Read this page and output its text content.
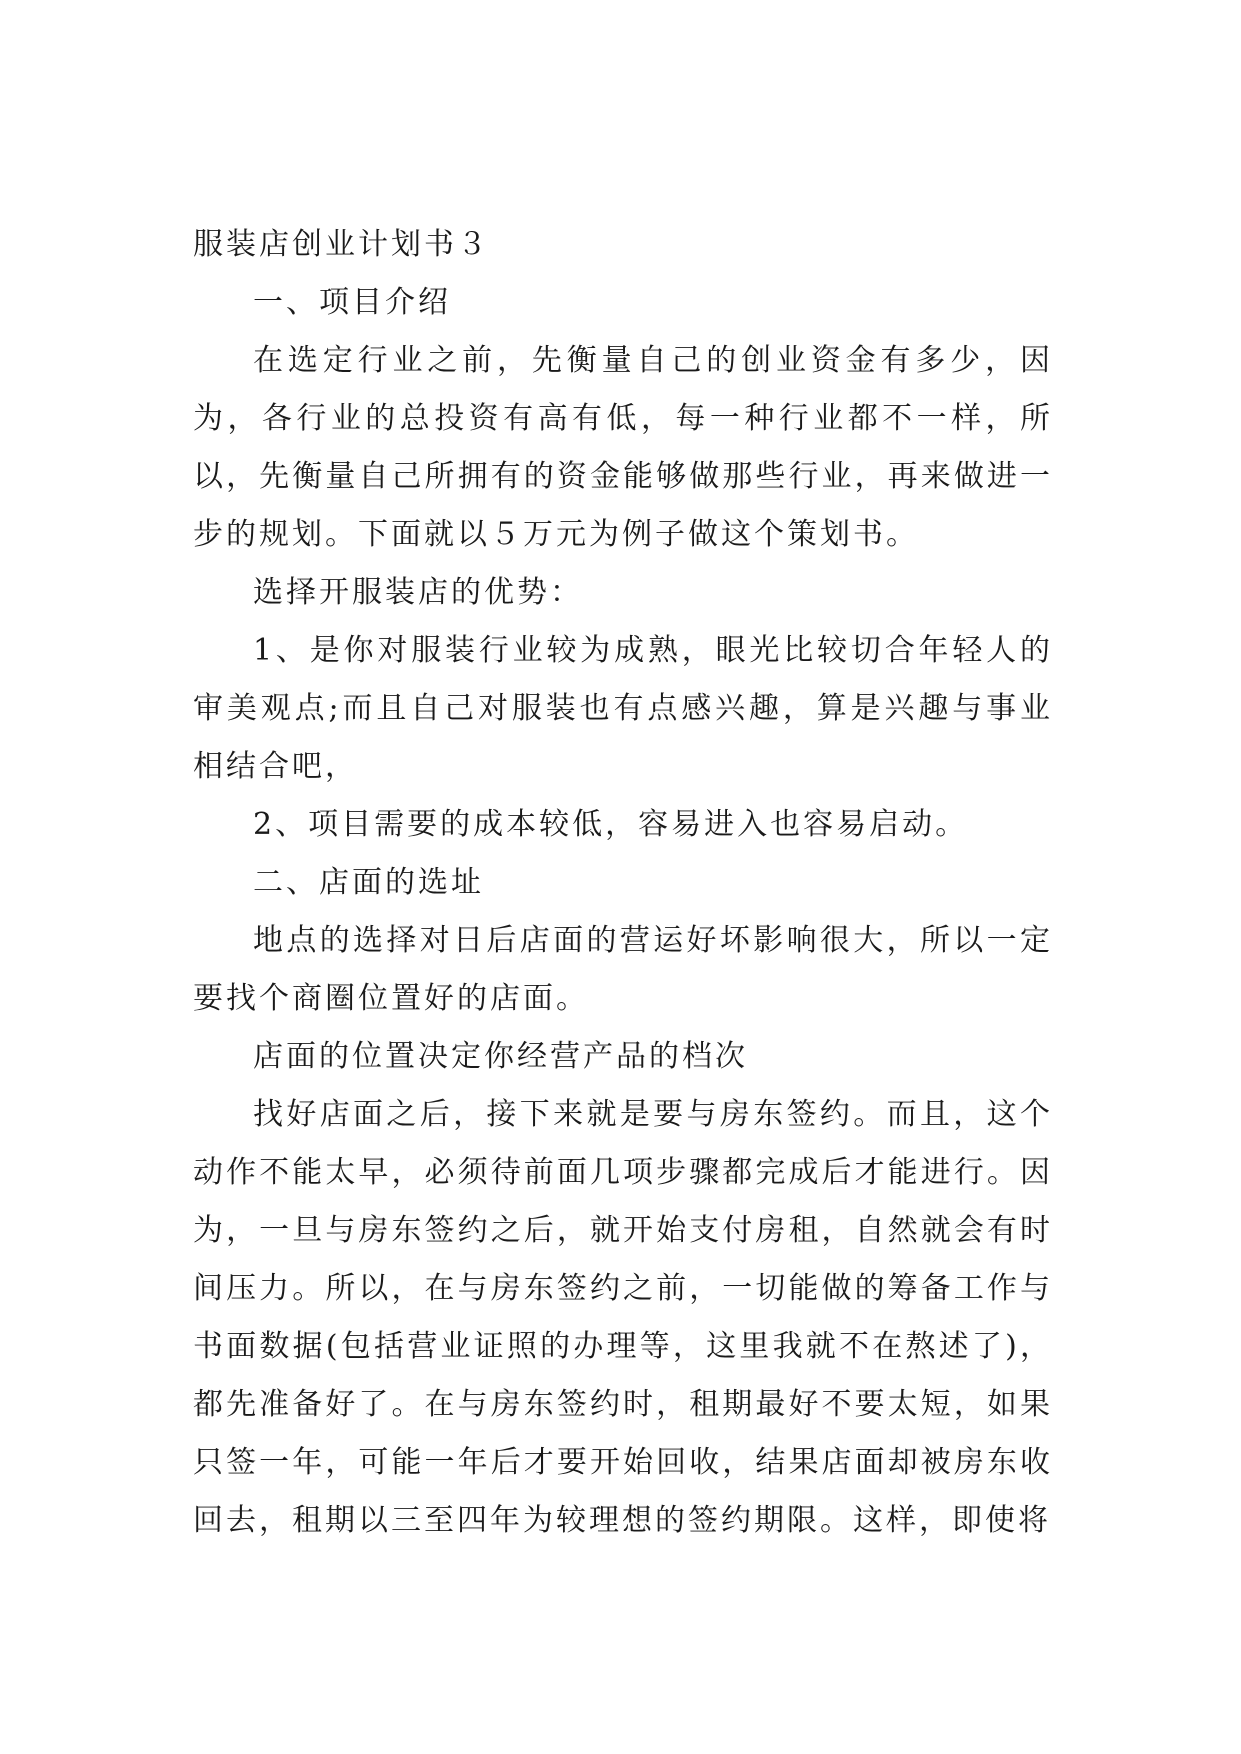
服装店创业计划书３

一、项目介绍

在选定行业之前，先衡量自己的创业资金有多少，因为，各行业的总投资有高有低，每一种行业都不一样，所以，先衡量自己所拥有的资金能够做那些行业，再来做进一步的规划。下面就以５万元为例子做这个策划书。

选择开服装店的优势：

1、是你对服装行业较为成熟，眼光比较切合年轻人的审美观点;而且自己对服装也有点感兴趣，算是兴趣与事业相结合吧，

2、项目需要的成本较低，容易进入也容易启动。

二、店面的选址

地点的选择对日后店面的营运好坏影响很大，所以一定要找个商圈位置好的店面。

店面的位置决定你经营产品的档次

找好店面之后，接下来就是要与房东签约。而且，这个动作不能太早，必须待前面几项步骤都完成后才能进行。因为，一旦与房东签约之后，就开始支付房租，自然就会有时间压力。所以，在与房东签约之前，一切能做的筹备工作与书面数据(包括营业证照的办理等，这里我就不在熬述了)，都先准备好了。在与房东签约时，租期最好不要太短，如果只签一年，可能一年后才要开始回收，结果店面却被房东收回去，租期以三至四年为较理想的签约期限。这样，即使将
